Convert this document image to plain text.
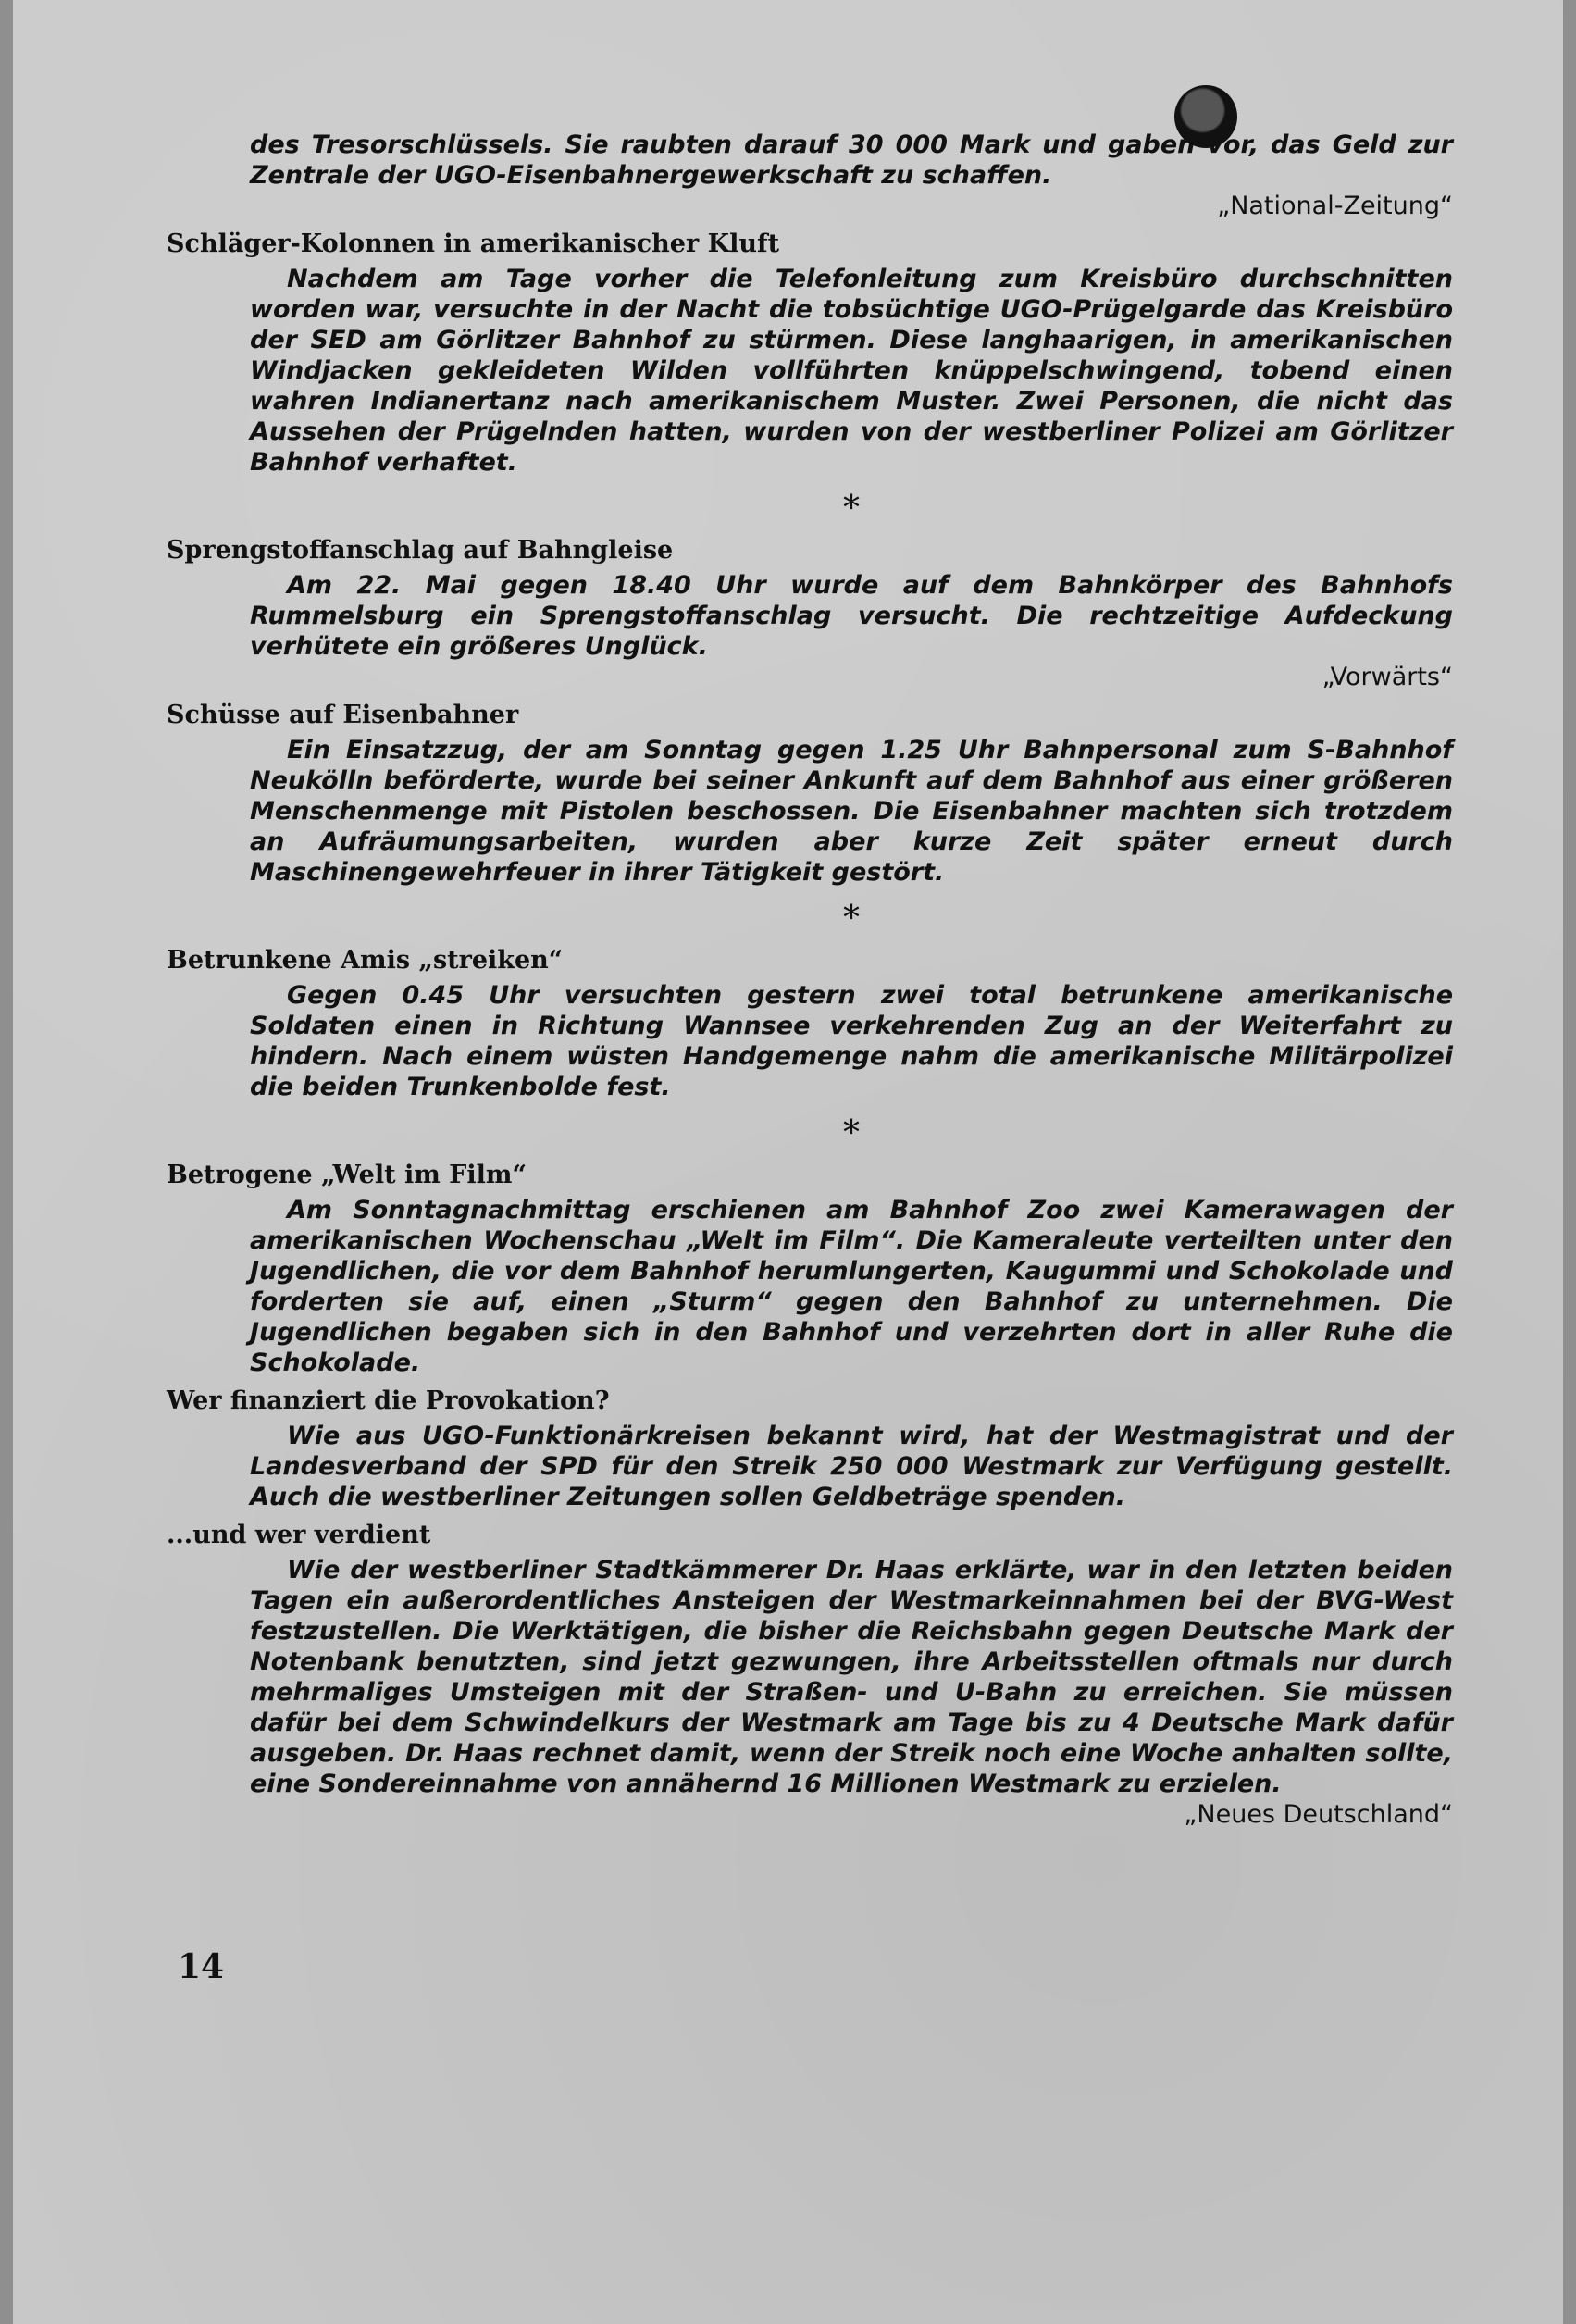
des Tresorschlüssels. Sie raubten darauf 30 000 Mark und gaben vor, das Geld zur Zentrale der UGO-Eisenbahnergewerkschaft zu schaffen.

„National-Zeitung“

Schläger-Kolonnen in amerikanischer Kluft

Nachdem am Tage vorher die Telefonleitung zum Kreisbüro durchschnitten worden war, versuchte in der Nacht die tobsüchtige UGO-Prügelgarde das Kreisbüro der SED am Görlitzer Bahnhof zu stürmen. Diese langhaarigen, in amerikanischen Windjacken gekleideten Wilden vollführten knüppelschwingend, tobend einen wahren Indianertanz nach amerikanischem Muster. Zwei Personen, die nicht das Aussehen der Prügelnden hatten, wurden von der westberliner Polizei am Görlitzer Bahnhof verhaftet.

*
Sprengstoffanschlag auf Bahngleise

Am 22. Mai gegen 18.40 Uhr wurde auf dem Bahnkörper des Bahnhofs Rummelsburg ein Sprengstoffanschlag versucht. Die rechtzeitige Aufdeckung verhütete ein größeres Unglück.

„Vorwärts“

Schüsse auf Eisenbahner

Ein Einsatzzug, der am Sonntag gegen 1.25 Uhr Bahnpersonal zum S-Bahnhof Neukölln beförderte, wurde bei seiner Ankunft auf dem Bahnhof aus einer größeren Menschenmenge mit Pistolen beschossen. Die Eisenbahner machten sich trotzdem an Aufräumungsarbeiten, wurden aber kurze Zeit später erneut durch Maschinengewehrfeuer in ihrer Tätigkeit gestört.

*
Betrunkene Amis „streiken“

Gegen 0.45 Uhr versuchten gestern zwei total betrunkene amerikanische Soldaten einen in Richtung Wannsee verkehrenden Zug an der Weiterfahrt zu hindern. Nach einem wüsten Handgemenge nahm die amerikanische Militärpolizei die beiden Trunkenbolde fest.

*
Betrogene „Welt im Film“

Am Sonntagnachmittag erschienen am Bahnhof Zoo zwei Kamerawagen der amerikanischen Wochenschau „Welt im Film“. Die Kameraleute verteilten unter den Jugendlichen, die vor dem Bahnhof herumlungerten, Kaugummi und Schokolade und forderten sie auf, einen „Sturm“ gegen den Bahnhof zu unternehmen. Die Jugendlichen begaben sich in den Bahnhof und verzehrten dort in aller Ruhe die Schokolade.

Wer finanziert die Provokation?

Wie aus UGO-Funktionärkreisen bekannt wird, hat der Westmagistrat und der Landesverband der SPD für den Streik 250 000 Westmark zur Verfügung gestellt. Auch die westberliner Zeitungen sollen Geldbeträge spenden.

...und wer verdient

Wie der westberliner Stadtkämmerer Dr. Haas erklärte, war in den letzten beiden Tagen ein außerordentliches Ansteigen der Westmarkeinnahmen bei der BVG-West festzustellen. Die Werktätigen, die bisher die Reichsbahn gegen Deutsche Mark der Notenbank benutzten, sind jetzt gezwungen, ihre Arbeitsstellen oftmals nur durch mehrmaliges Umsteigen mit der Straßen- und U-Bahn zu erreichen. Sie müssen dafür bei dem Schwindelkurs der Westmark am Tage bis zu 4 Deutsche Mark dafür ausgeben. Dr. Haas rechnet damit, wenn der Streik noch eine Woche anhalten sollte, eine Sondereinnahme von annähernd 16 Millionen Westmark zu erzielen.

„Neues Deutschland“

14
